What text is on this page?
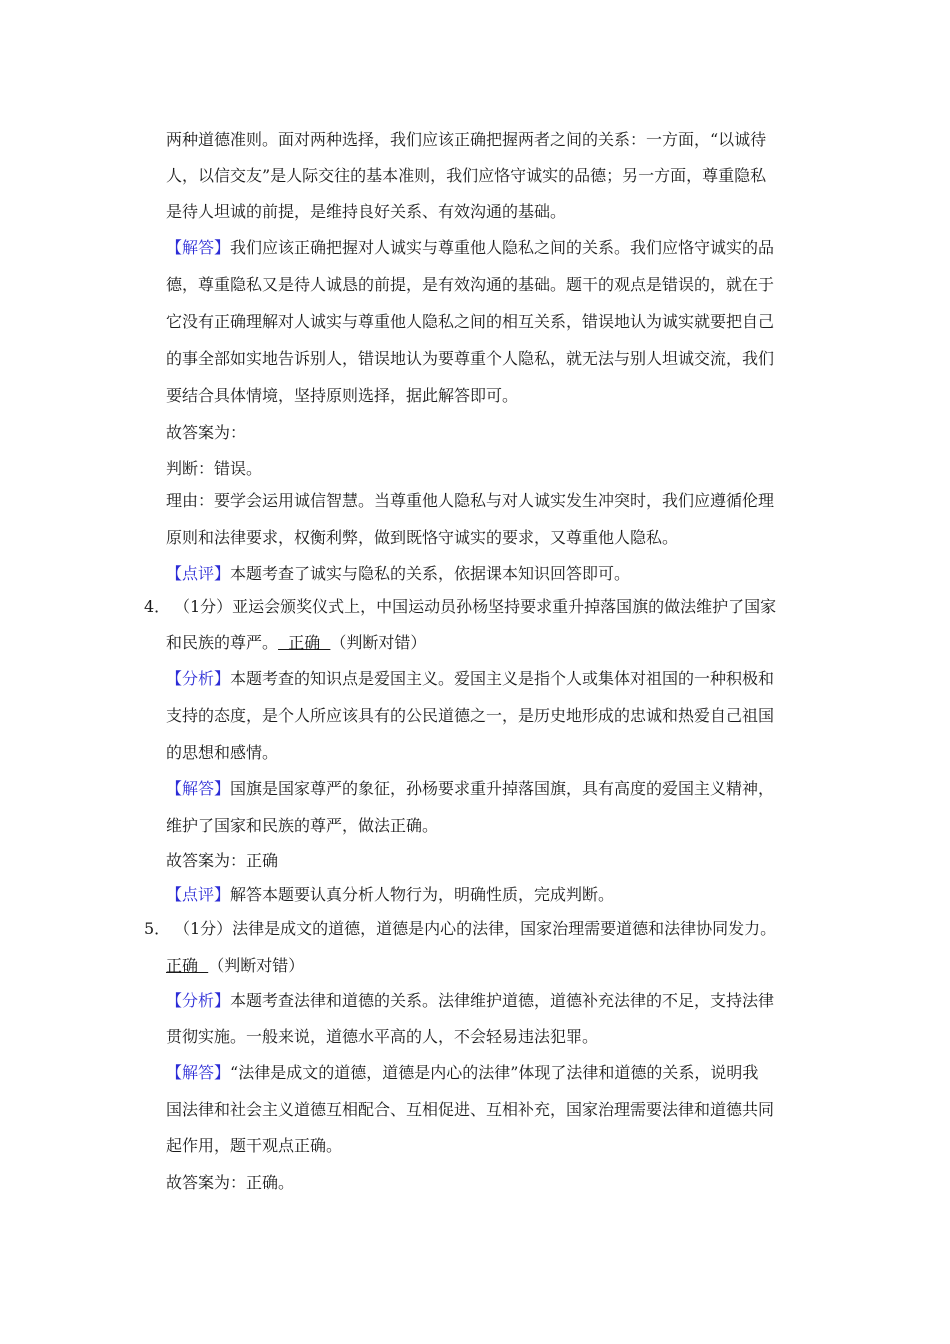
两种道德准则。面对两种选择，我们应该正确把握两者之间的关系：一方面，“以诚待
人，以信交友”是人际交往的基本准则，我们应恪守诚实的品德；另一方面，尊重隐私
是待人坦诚的前提，是维持良好关系、有效沟通的基础。
【解答】我们应该正确把握对人诚实与尊重他人隐私之间的关系。我们应恪守诚实的品
德，尊重隐私又是待人诚恳的前提，是有效沟通的基础。题干的观点是错误的，就在于
它没有正确理解对人诚实与尊重他人隐私之间的相互关系，错误地认为诚实就要把自己
的事全部如实地告诉别人，错误地认为要尊重个人隐私，就无法与别人坦诚交流，我们
要结合具体情境，坚持原则选择，据此解答即可。
故答案为：
判断：错误。
理由：要学会运用诚信智慧。当尊重他人隐私与对人诚实发生冲突时，我们应遵循伦理
原则和法律要求，权衡利弊，做到既恪守诚实的要求，又尊重他人隐私。
【点评】本题考查了诚实与隐私的关系，依据课本知识回答即可。
4． （1分）亚运会颁奖仪式上，中国运动员孙杨坚持要求重升掉落国旗的做法维护了国家
和民族的尊严。  正确  （判断对错）
【分析】本题考查的知识点是爱国主义。爱国主义是指个人或集体对祖国的一种积极和
支持的态度，是个人所应该具有的公民道德之一，是历史地形成的忠诚和热爱自己祖国
的思想和感情。
【解答】国旗是国家尊严的象征，孙杨要求重升掉落国旗，具有高度的爱国主义精神，
维护了国家和民族的尊严，做法正确。
故答案为：正确
【点评】解答本题要认真分析人物行为，明确性质，完成判断。
5． （1分）法律是成文的道德，道德是内心的法律，国家治理需要道德和法律协同发力。
正确  （判断对错）
【分析】本题考查法律和道德的关系。法律维护道德，道德补充法律的不足，支持法律
贯彻实施。一般来说，道德水平高的人，不会轻易违法犯罪。
【解答】“法律是成文的道德，道德是内心的法律”体现了法律和道德的关系，说明我
国法律和社会主义道德互相配合、互相促进、互相补充，国家治理需要法律和道德共同
起作用，题干观点正确。
故答案为：正确。
